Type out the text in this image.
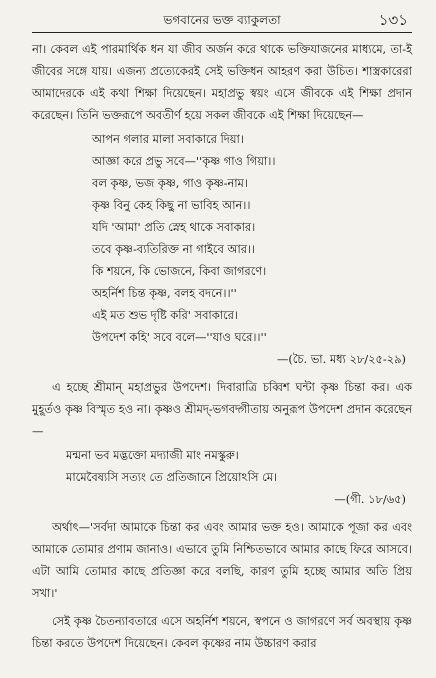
ভগবানের ভক্ত ব্যাকুলতা	১৩১

না। কেবল এই পারমার্থিক ধন যা জীব অর্জন করে থাকে ভক্তিযাজনের মাধ্যমে, তা-ই জীবের সঙ্গে যায়। এজন্য প্রত্যেকেরই সেই ভক্তিধন আহরণ করা উচিত। শাস্ত্রকারেরা আমাদেরকে এই কথা শিক্ষা দিয়েছেন। মহাপ্রভু স্বয়ং এসে জীবকে এই শিক্ষা প্রদান করেছেন। তিনি ভক্তরূপে অবতীর্ণ হয়ে সকল জীবকে এই শিক্ষা দিয়েছেন—

আপন গলার মালা সবাকারে দিয়া।
আজ্ঞা করে প্রভু সবে—''কৃষ্ণ গাও গিয়া।।
বল কৃষ্ণ, ভজ কৃষ্ণ, গাও কৃষ্ণ-নাম।
কৃষ্ণ বিনু কেহ কিছু না ভাবিহ আন।।
যদি 'আমা' প্রতি স্নেহ থাকে সবাকার।
তবে কৃষ্ণ-ব্যতিরিক্ত না গাইবে আর।।
কি শয়নে, কি ভোজনে, কিবা জাগরণে।
অহর্নিশ চিন্ত কৃষ্ণ, বলহ বদনে।।''
এই মত শুভ দৃষ্টি করি' সবাকারে।
উপদেশ কহি' সবে বলে—''যাও ঘরে।।''

—(চৈ. ভা. মধ্য ২৮/২৫-২৯)

এ হচ্ছে শ্রীমান্ মহাপ্রভুর উপদেশ। দিবারাত্রি চব্বিশ ঘন্টা কৃষ্ণ চিন্তা কর। এক মুহূর্তও কৃষ্ণ বিস্মৃত হও না। কৃষ্ণও শ্রীমদ্-ভগবদ্গীতায় অনুরূপ উপদেশ প্রদান করেছেন—

মন্মনা ভব মদ্ভক্তো মদ্যাজী মাং নমস্কুরু।
মামেবৈষ্যসি সত্যং তে প্রতিজানে প্রিয়োঽসি মে।

—(গী. ১৮/৬৫)

অর্থাৎ—'সর্বদা আমাকে চিন্তা কর এবং আমার ভক্ত হও। আমাকে পূজা কর এবং আমাকে তোমার প্রণাম জানাও। এভাবে তুমি নিশ্চিতভাবে আমার কাছে ফিরে আসবে। এটা আমি তোমার কাছে প্রতিজ্ঞা করে বলছি, কারণ তুমি হচ্ছে আমার অতি প্রিয় সখা।'

সেই কৃষ্ণ চৈতন্যাবতারে এসে অহর্নিশ শয়নে, স্বপনে ও জাগরণে সর্ব অবস্থায় কৃষ্ণ চিন্তা করতে উপদেশ দিয়েছেন। কেবল কৃষ্ণের নাম উচ্চারণ করার
